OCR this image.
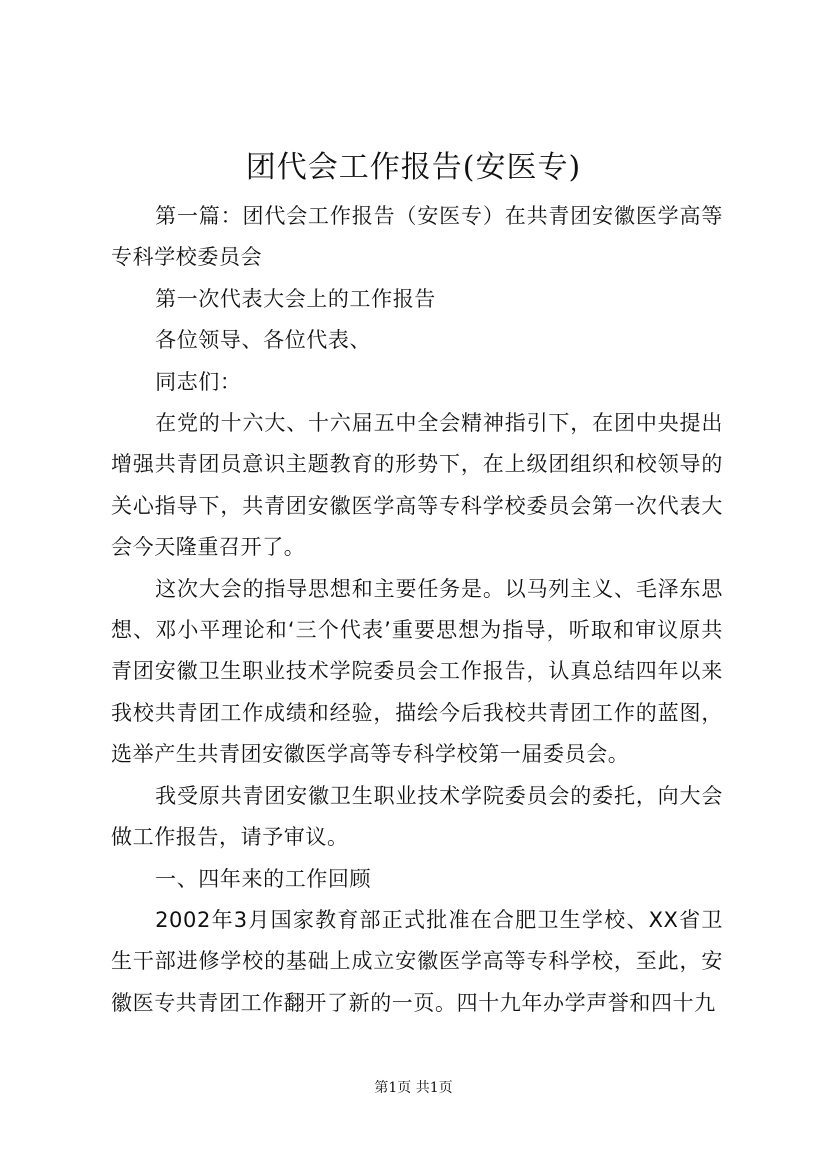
团代会工作报告(安医专)

第一篇：团代会工作报告（安医专）在共青团安徽医学高等专科学校委员会

第一次代表大会上的工作报告

各位领导、各位代表、

同志们：

在党的十六大、十六届五中全会精神指引下，在团中央提出增强共青团员意识主题教育的形势下，在上级团组织和校领导的关心指导下，共青团安徽医学高等专科学校委员会第一次代表大会今天隆重召开了。

这次大会的指导思想和主要任务是。以马列主义、毛泽东思想、邓小平理论和‘三个代表’重要思想为指导，听取和审议原共青团安徽卫生职业技术学院委员会工作报告，认真总结四年以来我校共青团工作成绩和经验，描绘今后我校共青团工作的蓝图，选举产生共青团安徽医学高等专科学校第一届委员会。

我受原共青团安徽卫生职业技术学院委员会的委托，向大会做工作报告，请予审议。

一、四年来的工作回顾

2002年3月国家教育部正式批准在合肥卫生学校、XX省卫生干部进修学校的基础上成立安徽医学高等专科学校，至此，安徽医专共青团工作翻开了新的一页。四十九年办学声誉和四十九

第1页 共1页
